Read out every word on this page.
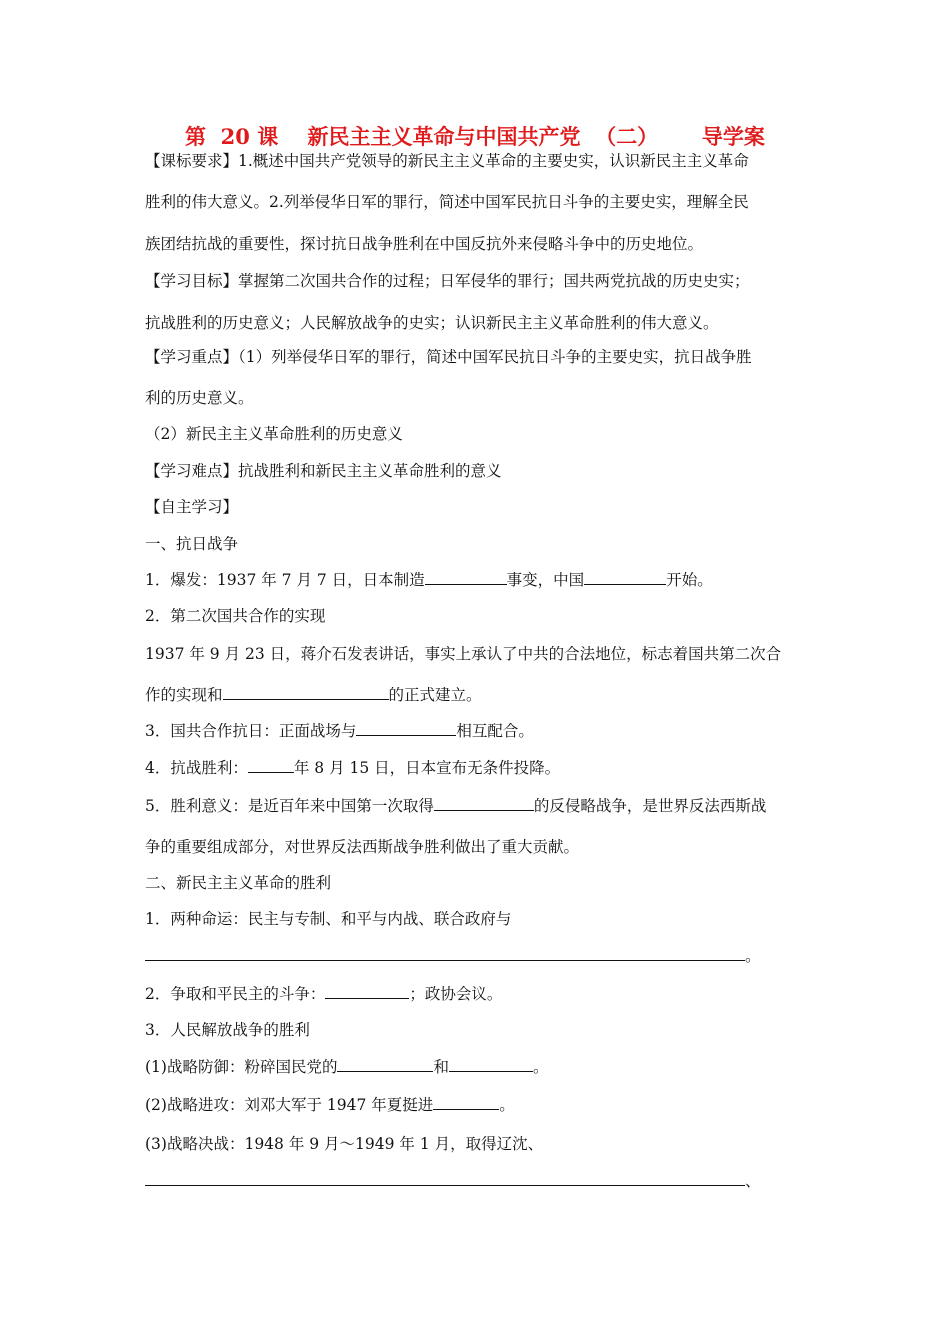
第  20 课    新民主主义革命与中国共产党  （二）      导学案
【课标要求】1.概述中国共产党领导的新民主主义革命的主要史实，认识新民主主义革命
胜利的伟大意义。2.列举侵华日军的罪行，简述中国军民抗日斗争的主要史实，理解全民
族团结抗战的重要性，探讨抗日战争胜利在中国反抗外来侵略斗争中的历史地位。
【学习目标】掌握第二次国共合作的过程；日军侵华的罪行；国共两党抗战的历史史实；
抗战胜利的历史意义；人民解放战争的史实；认识新民主主义革命胜利的伟大意义。
【学习重点】（1）列举侵华日军的罪行，简述中国军民抗日斗争的主要史实，抗日战争胜
利的历史意义。
（2）新民主主义革命胜利的历史意义
【学习难点】抗战胜利和新民主主义革命胜利的意义
【自主学习】
一、抗日战争
1．爆发：1937 年 7 月 7 日，日本制造	事变，中国	开始。
2．第二次国共合作的实现
1937 年 9 月 23 日，蒋介石发表讲话，事实上承认了中共的合法地位，标志着国共第二次合
作的实现和	的正式建立。
3．国共合作抗日：正面战场与	相互配合。
4．抗战胜利：	年 8 月 15 日，日本宣布无条件投降。
5．胜利意义：是近百年来中国第一次取得	的反侵略战争，是世界反法西斯战
争的重要组成部分，对世界反法西斯战争胜利做出了重大贡献。
二、新民主主义革命的胜利
1．两种命运：民主与专制、和平与内战、联合政府与
。
2．争取和平民主的斗争：	；政协会议。
3．人民解放战争的胜利
(1)战略防御：粉碎国民党的	和	。
(2)战略进攻：刘邓大军于 1947 年夏挺进	。
(3)战略决战：1948 年 9 月～1949 年 1 月，取得辽沈、
、
